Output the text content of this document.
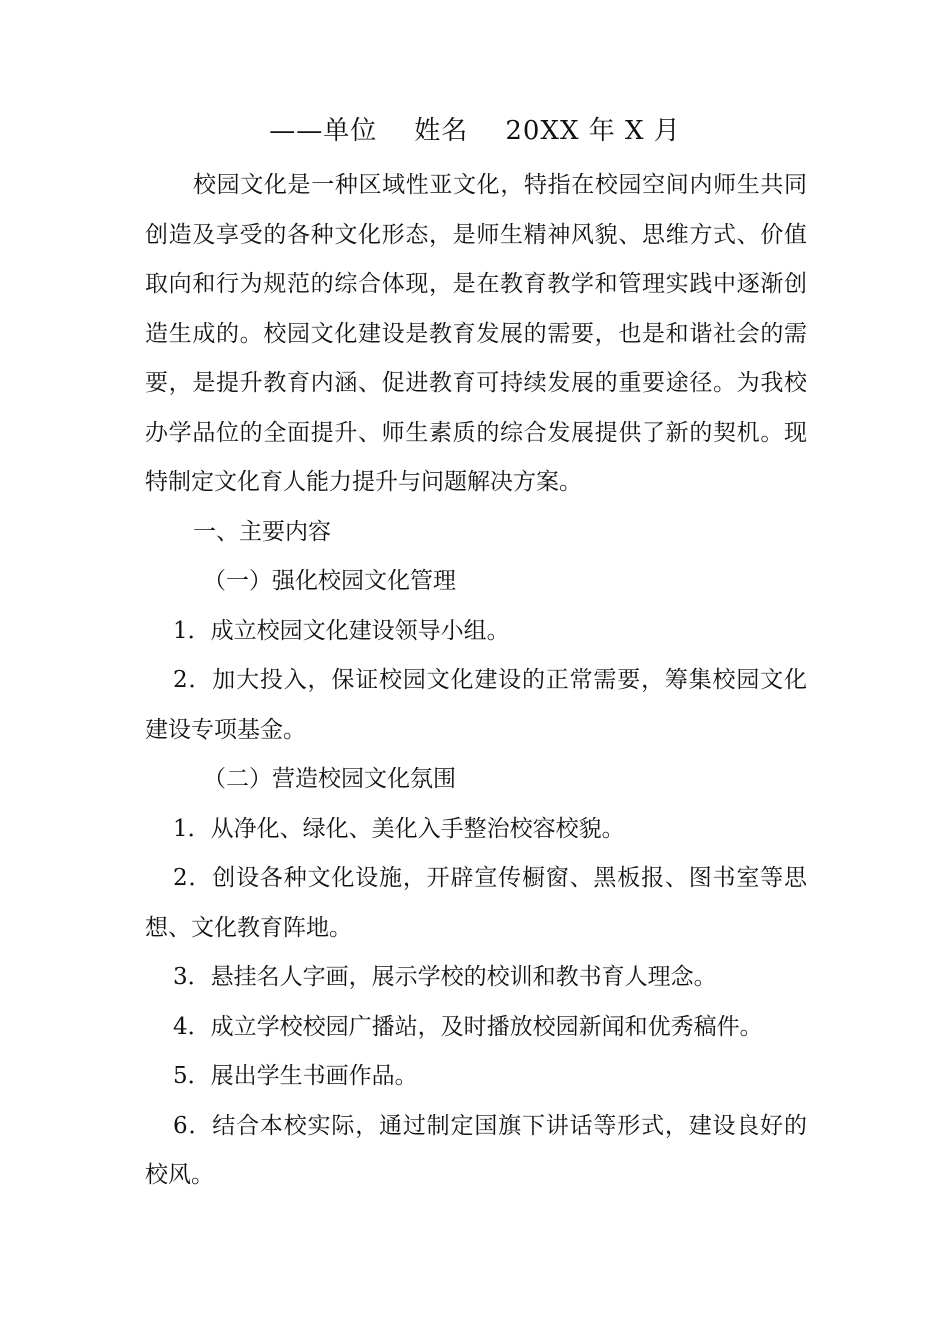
——单位    姓名    20XX 年 X 月

校园文化是一种区域性亚文化，特指在校园空间内师生共同创造及享受的各种文化形态，是师生精神风貌、思维方式、价值取向和行为规范的综合体现，是在教育教学和管理实践中逐渐创造生成的。校园文化建设是教育发展的需要，也是和谐社会的需要，是提升教育内涵、促进教育可持续发展的重要途径。为我校办学品位的全面提升、师生素质的综合发展提供了新的契机。现特制定文化育人能力提升与问题解决方案。

一、主要内容

（一）强化校园文化管理

1．成立校园文化建设领导小组。

2．加大投入，保证校园文化建设的正常需要，筹集校园文化建设专项基金。

（二）营造校园文化氛围

1．从净化、绿化、美化入手整治校容校貌。

2．创设各种文化设施，开辟宣传橱窗、黑板报、图书室等思想、文化教育阵地。

3．悬挂名人字画，展示学校的校训和教书育人理念。

4．成立学校校园广播站，及时播放校园新闻和优秀稿件。

5．展出学生书画作品。

6．结合本校实际，通过制定国旗下讲话等形式，建设良好的校风。
